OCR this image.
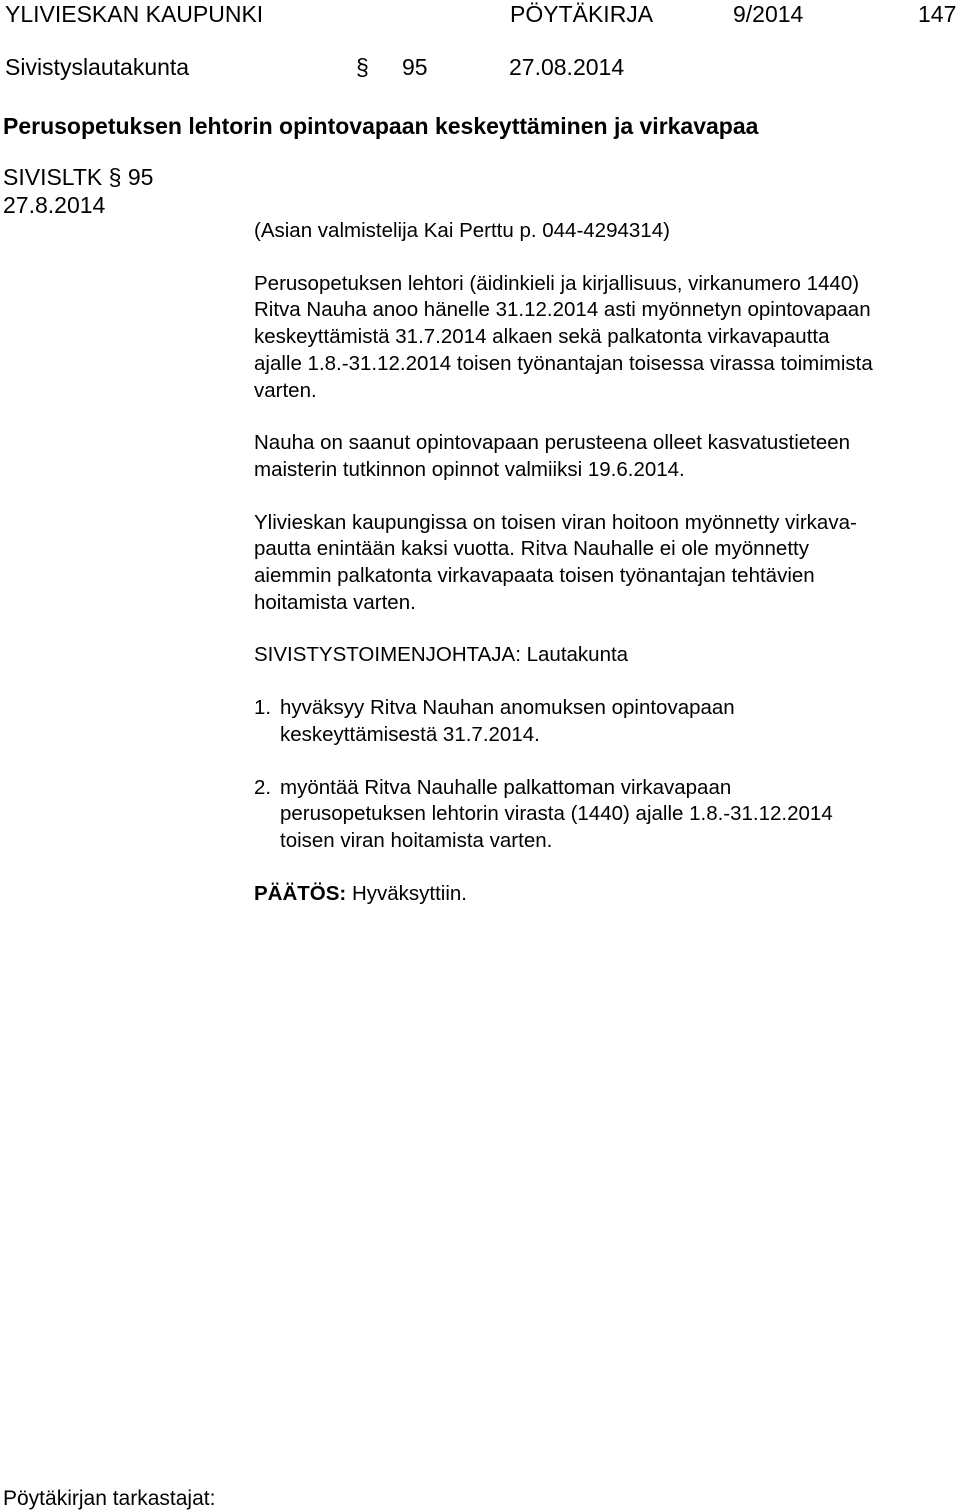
YLIVIESKAN KAUPUNKI	PÖYTÄKIRJA	9/2014	147
Sivistyslautakunta	§ 95	27.08.2014
Perusopetuksen lehtorin opintovapaan keskeyttäminen ja virkavapaa
SIVISLTK § 95
27.8.2014

(Asian valmistelija Kai Perttu p. 044-4294314)

Perusopetuksen lehtori (äidinkieli ja kirjallisuus, virkanumero 1440)
Ritva Nauha anoo hänelle 31.12.2014 asti myönnetyn opintovapaan
keskeyttämistä 31.7.2014 alkaen sekä palkatonta virkavapautta
ajalle 1.8.-31.12.2014 toisen työnantajan toisessa virassa toimimista
varten.
Nauha on saanut opintovapaan perusteena olleet kasvatustieteen
maisterin tutkinnon opinnot valmiiksi 19.6.2014.
Ylivieskan kaupungissa on toisen viran hoitoon myönnetty virkava-
pautta enintään kaksi vuotta. Ritva Nauhalle ei ole myönnetty
aiemmin palkatonta virkavapaata toisen työnantajan tehtävien
hoitamista varten.
SIVISTYSTOIMENJOHTAJA: Lautakunta
1. hyväksyy Ritva Nauhan anomuksen opintovapaan
keskeyttämisestä 31.7.2014.
2. myöntää Ritva Nauhalle palkattoman virkavapaan
perusopetuksen lehtorin virasta (1440) ajalle 1.8.-31.12.2014
toisen viran hoitamista varten.
PÄÄTÖS: Hyväksyttiin.
Pöytäkirjan tarkastajat:
